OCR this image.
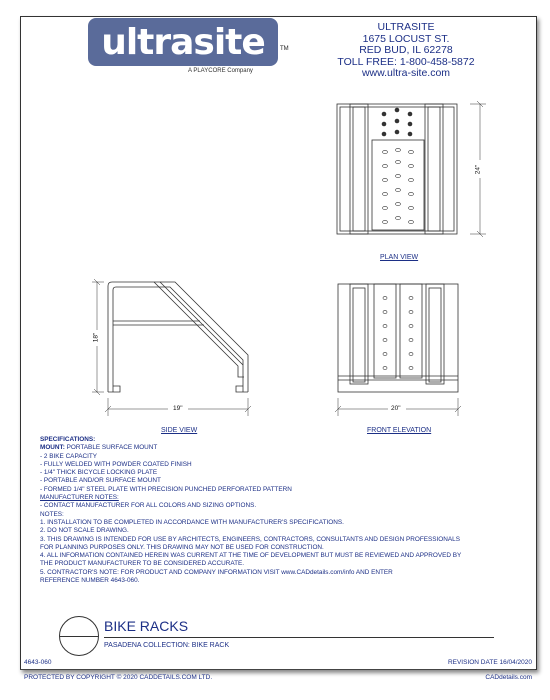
ultrasite	TM
A PLAYCORE Company
ULTRASITE
1675 LOCUST ST.
RED BUD, IL 62278
TOLL FREE: 1-800-458-5872
www.ultra-site.com
PLAN VIEW
24"
SIDE VIEW
18"
19"
FRONT ELEVATION
20"
SPECIFICATIONS:
MOUNT: PORTABLE SURFACE MOUNT
- 2 BIKE CAPACITY
- FULLY WELDED WITH POWDER COATED FINISH
- 1/4" THICK BICYCLE LOCKING PLATE
- PORTABLE AND/OR SURFACE MOUNT
- FORMED 1/4" STEEL PLATE WITH PRECISION PUNCHED PERFORATED PATTERN
MANUFACTURER NOTES:
- CONTACT MANUFACTURER FOR ALL COLORS AND SIZING OPTIONS.
NOTES:
1. INSTALLATION TO BE COMPLETED IN ACCORDANCE WITH MANUFACTURER'S SPECIFICATIONS.
2. DO NOT SCALE DRAWING.
3. THIS DRAWING IS INTENDED FOR USE BY ARCHITECTS, ENGINEERS, CONTRACTORS, CONSULTANTS AND DESIGN PROFESSIONALS
FOR PLANNING PURPOSES ONLY. THIS DRAWING MAY NOT BE USED FOR CONSTRUCTION.
4. ALL INFORMATION CONTAINED HEREIN WAS CURRENT AT THE TIME OF DEVELOPMENT BUT MUST BE REVIEWED AND APPROVED BY
THE PRODUCT MANUFACTURER TO BE CONSIDERED ACCURATE.
5. CONTRACTOR'S NOTE: FOR PRODUCT AND COMPANY INFORMATION VISIT www.CADdetails.com/info AND ENTER
REFERENCE NUMBER 4643-060.
BIKE RACKS
PASADENA COLLECTION: BIKE RACK
4643-060	REVISION DATE 16/04/2020
PROTECTED BY COPYRIGHT © 2020 CADDETAILS.COM LTD.	CADdetails.com
